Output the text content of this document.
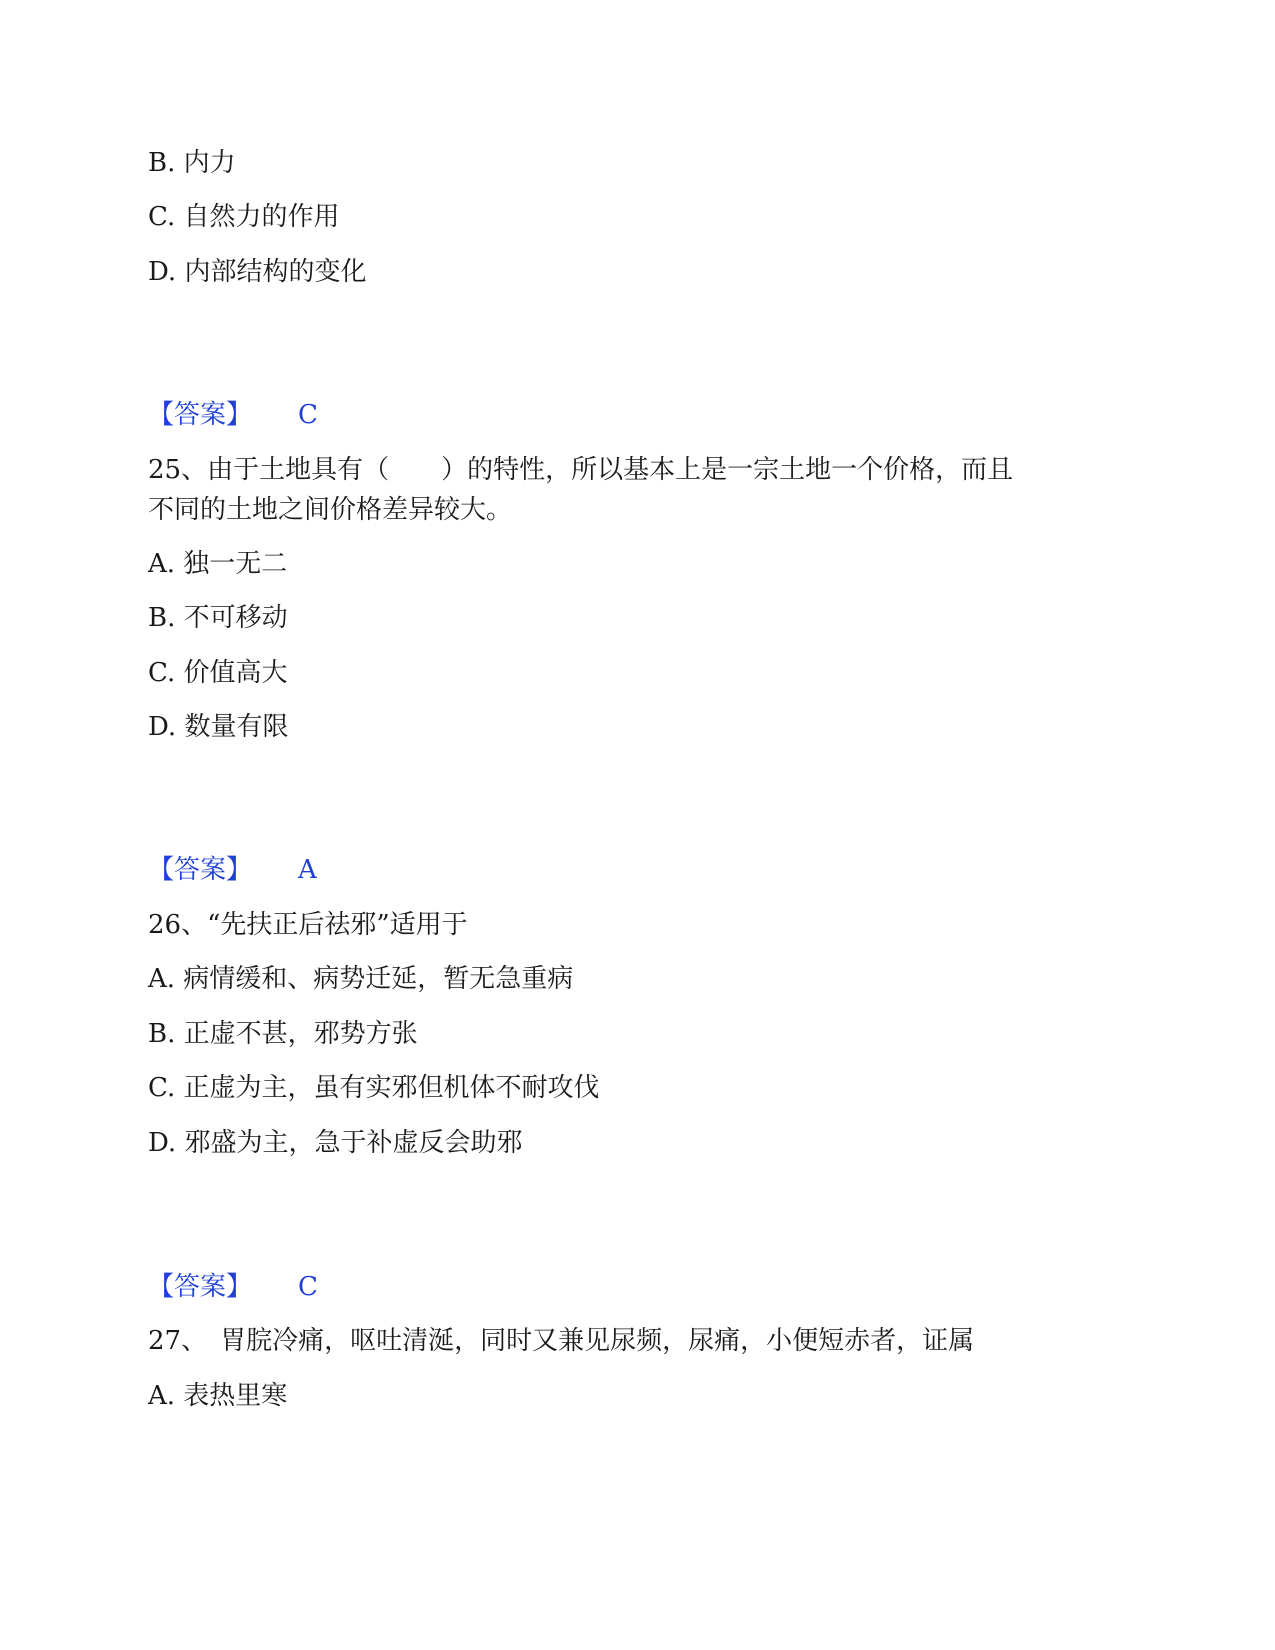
B. 内力
C. 自然力的作用
D. 内部结构的变化
【答案】 C
25、由于土地具有（　　）的特性，所以基本上是一宗土地一个价格，而且
不同的土地之间价格差异较大。
A. 独一无二
B. 不可移动
C. 价值高大
D. 数量有限
【答案】 A
26、“先扶正后祛邪”适用于
A. 病情缓和、病势迁延，暂无急重病
B. 正虚不甚，邪势方张
C. 正虚为主，虽有实邪但机体不耐攻伐
D. 邪盛为主，急于补虚反会助邪
【答案】 C
27、　胃脘冷痛，呕吐清涎，同时又兼见尿频，尿痛，小便短赤者，证属
A. 表热里寒
